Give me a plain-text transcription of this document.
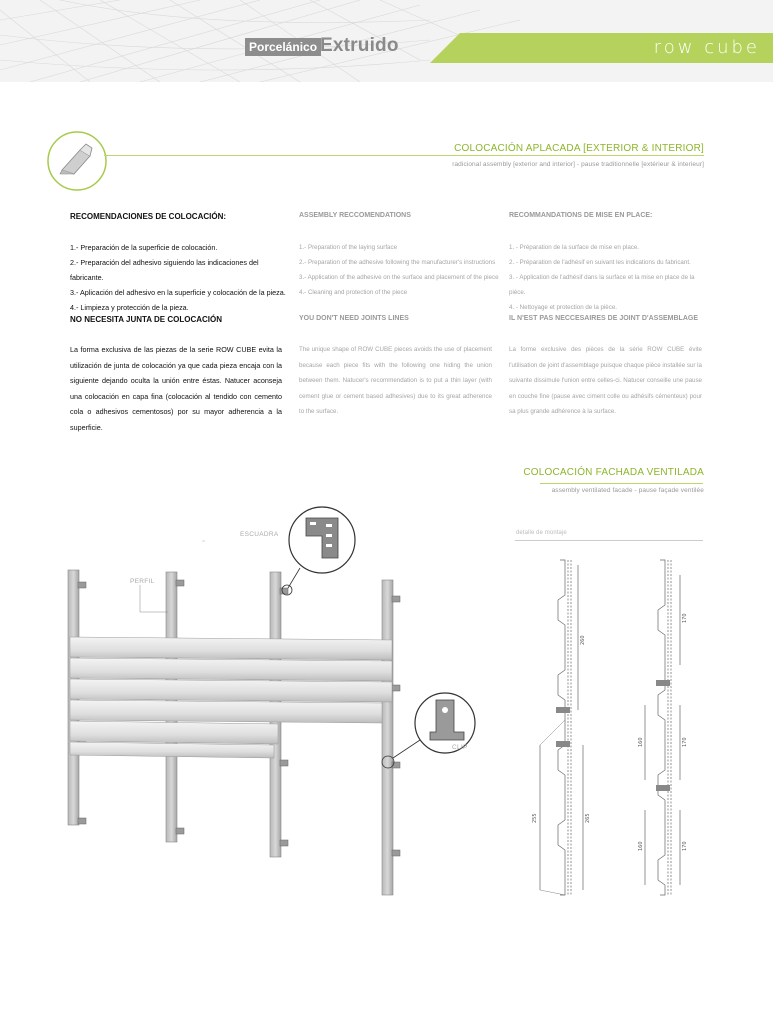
Porcelánico Extruido	row cube
COLOCACIÓN APLACADA [EXTERIOR & INTERIOR]
radicional assembly [exterior and interior] - pause traditionnelle [extérieur & interieur]
RECOMENDACIONES DE COLOCACIÓN:
1.- Preparación de la superficie de colocación.
2.- Preparación del adhesivo siguiendo las indicaciones del fabricante.
3.- Aplicación del adhesivo en la superficie y colocación de la pieza.
4.- Limpieza y protección de la pieza.
NO NECESITA JUNTA DE COLOCACIÓN
La forma exclusiva de las piezas de la serie ROW CUBE evita la utilización de junta de colocación ya que cada pieza encaja con la siguiente dejando oculta la unión entre éstas. Natucer aconseja una colocación en capa fina (colocación al tendido con cemento cola o adhesivos cementosos) por su mayor adherencia a la superficie.
ASSEMBLY RECCOMENDATIONS
1.- Preparation of the laying surface
2.- Preparation of the adhesive following the manufacturer's instructions
3.- Application of the adhesive on the surface and placement of the piece
4.- Cleaning and protection of the piece
YOU DON'T NEED JOINTS LINES
The unique shape of ROW CUBE pieces avoids the use of placement because each piece fits with the following one hiding the union between them. Natucer's recommendation is to put a thin layer (with cement glue or cement based adhesives) due to its great adherence to the surface.
RECOMMANDATIONS DE MISE EN PLACE:
1. - Préparation de la surface de mise en place.
2. - Préparation de l'adhésif en suivant les indications du fabricant.
3. - Application de l'adhésif dans la surface et la mise en place de la pièce.
4. - Nettoyage et protection de la pièce.
IL N'EST PAS NECCESAIRES DE JOINT D'ASSEMBLAGE
La forme exclusive des pièces de la série ROW CUBE évite l'utilisation de joint d'assemblage puisque chaque pièce installée sur la suivante dissimule l'union entre celles-ci. Natucer conseille une pause en couche fine (pause avec ciment colle ou adhésifs cémenteux) pour sa plus grande adhérence à la surface.
COLOCACIÓN FACHADA VENTILADA
assembly ventilated facade - pause façade ventilée
ESCUADRA
PERFIL
CLIP
detalle de montaje
260
255	265
170
160	170
160	170
